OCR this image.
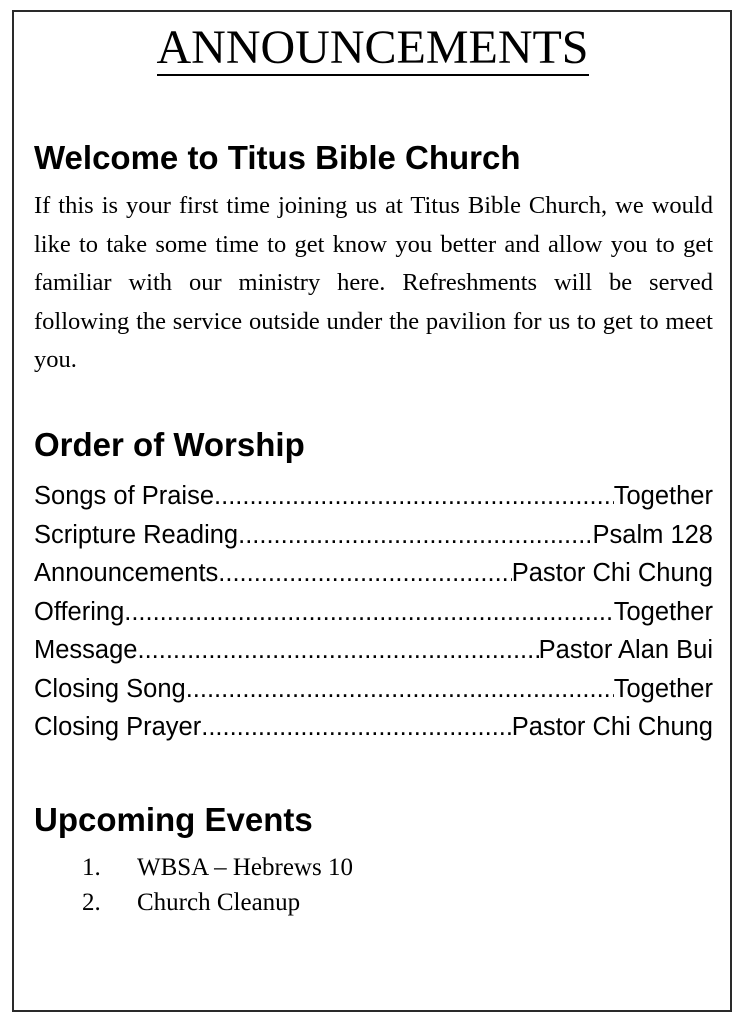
ANNOUNCEMENTS
Welcome to Titus Bible Church

If this is your first time joining us at Titus Bible Church, we would like to take some time to get know you better and allow you to get familiar with our ministry here. Refreshments will be served following the service outside under the pavilion for us to get to meet you.

Order of Worship
Songs of Praise .....	Together
Scripture Reading .....	Psalm 128
Announcements .....	Pastor Chi Chung
Offering .....	Together
Message .....	Pastor Alan Bui
Closing Song .....	Together
Closing Prayer .....	Pastor Chi Chung
Upcoming Events
1.	WBSA – Hebrews 10
2.	Church Cleanup
